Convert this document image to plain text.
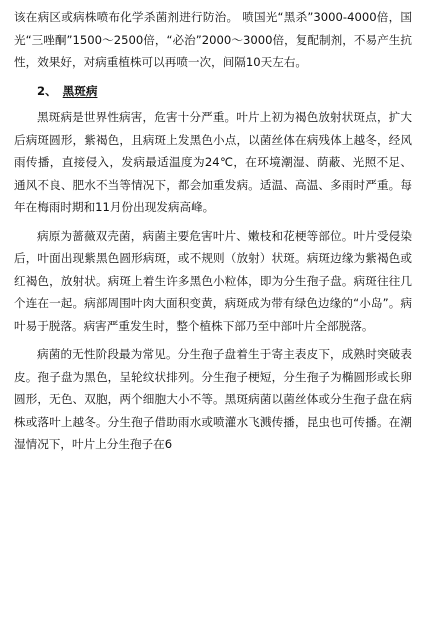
该在病区或病株喷布化学杀菌剂进行防治。 喷国光“黑杀”3000-4000倍，国光“三唑酮”1500～2500倍，“必治”2000～3000倍，复配制剂，不易产生抗性，效果好，对病重植株可以再喷一次，间隔10天左右。

2、 黑斑病

黑斑病是世界性病害，危害十分严重。叶片上初为褐色放射状斑点，扩大后病斑圆形，紫褐色，且病斑上发黑色小点，以菌丝体在病残体上越冬，经风雨传播，直接侵入，发病最适温度为24℃，在环境潮湿、荫蔽、光照不足、通风不良、肥水不当等情况下，都会加重发病。适温、高温、多雨时严重。每年在梅雨时期和11月份出现发病高峰。

病原为蔷薇双壳菌，病菌主要危害叶片、嫩枝和花梗等部位。叶片受侵染后，叶面出现紫黑色圆形病斑，或不规则（放射）状斑。病斑边缘为紫褐色或红褐色，放射状。病斑上着生许多黑色小粒体，即为分生孢子盘。病斑往往几个连在一起。病部周围叶肉大面积变黄，病斑成为带有绿色边缘的“小岛”。病叶易于脱落。病害严重发生时，整个植株下部乃至中部叶片全部脱落。

病菌的无性阶段最为常见。分生孢子盘着生于寄主表皮下，成熟时突破表皮。孢子盘为黑色，呈轮纹状排列。分生孢子梗短，分生孢子为椭圆形或长卵圆形，无色、双胞，两个细胞大小不等。黑斑病菌以菌丝体或分生孢子盘在病株或落叶上越冬。分生孢子借助雨水或喷灌水飞溅传播，昆虫也可传播。在潮湿情况下，叶片上分生孢子在6
